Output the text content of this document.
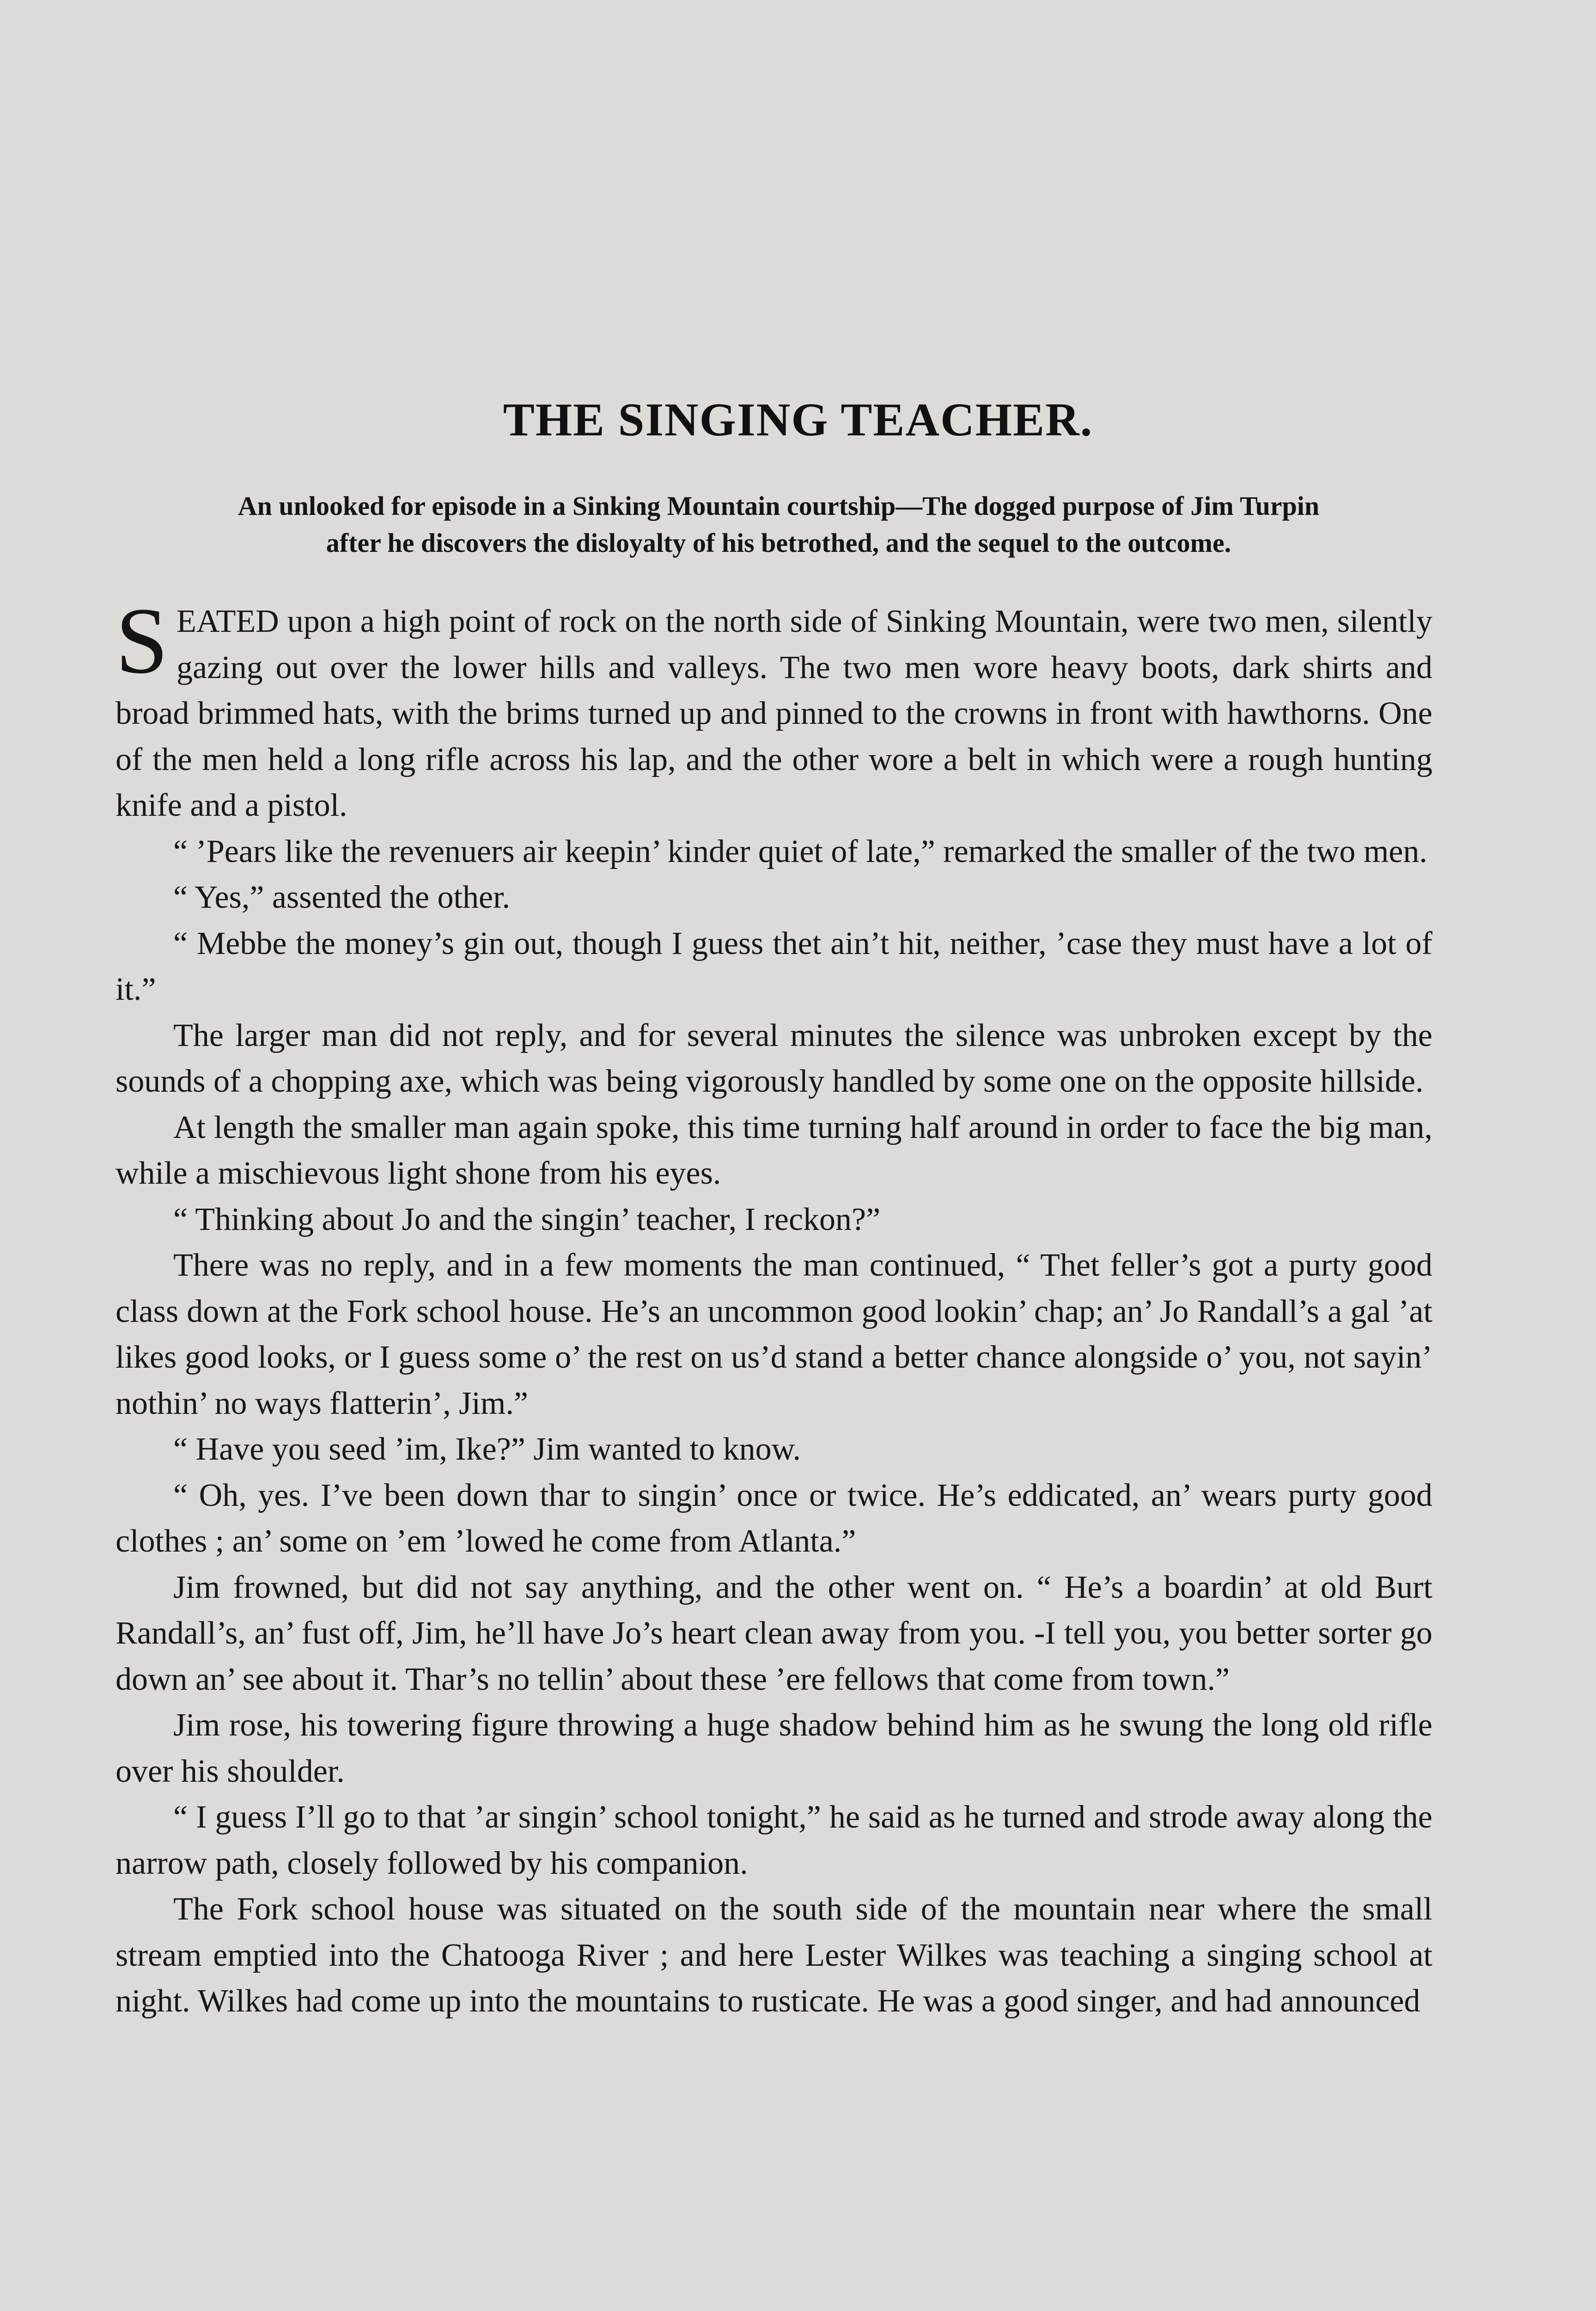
THE SINGING TEACHER.
An unlooked for episode in a Sinking Mountain courtship—The dogged purpose of Jim Turpin
after he discovers the disloyalty of his betrothed, and the sequel to the outcome.

SEATED upon a high point of rock on the north side of Sinking Mountain, were two men, silently gazing out over the lower hills and valleys. The two men wore heavy boots, dark shirts and broad brimmed hats, with the brims turned up and pinned to the crowns in front with hawthorns. One of the men held a long rifle across his lap, and the other wore a belt in which were a rough hunting knife and a pistol.

“ ’Pears like the revenuers air keepin’ kinder quiet of late,” remarked the smaller of the two men.

“ Yes,” assented the other.

“ Mebbe the money’s gin out, though I guess thet ain’t hit, neither, ’case they must have a lot of it.”

The larger man did not reply, and for several minutes the silence was unbroken except by the sounds of a chopping axe, which was being vigorously handled by some one on the opposite hillside.

At length the smaller man again spoke, this time turning half around in order to face the big man, while a mischievous light shone from his eyes.

“ Thinking about Jo and the singin’ teacher, I reckon?”

There was no reply, and in a few moments the man continued, “ Thet feller’s got a purty good class down at the Fork school house. He’s an uncommon good lookin’ chap; an’ Jo Randall’s a gal ’at likes good looks, or I guess some o’ the rest on us’d stand a better chance alongside o’ you, not sayin’ nothin’ no ways flatterin’, Jim.”

“ Have you seed ’im, Ike?” Jim wanted to know.

“ Oh, yes. I’ve been down thar to singin’ once or twice. He’s eddicated, an’ wears purty good clothes ; an’ some on ’em ’lowed he come from Atlanta.”

Jim frowned, but did not say anything, and the other went on. “ He’s a boardin’ at old Burt Randall’s, an’ fust off, Jim, he’ll have Jo’s heart clean away from you. -I tell you, you better sorter go down an’ see about it. Thar’s no tellin’ about these ’ere fellows that come from town.”

Jim rose, his towering figure throwing a huge shadow behind him as he swung the long old rifle over his shoulder.

“ I guess I’ll go to that ’ar singin’ school tonight,” he said as he turned and strode away along the narrow path, closely followed by his companion.

The Fork school house was situated on the south side of the mountain near where the small stream emptied into the Chatooga River ; and here Lester Wilkes was teaching a singing school at night. Wilkes had come up into the mountains to rusticate. He was a good singer, and had announced
